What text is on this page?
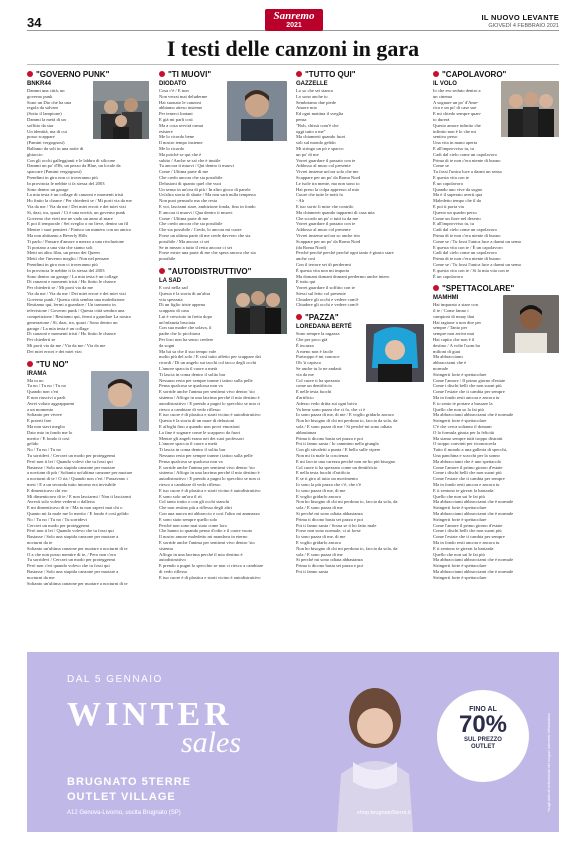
34	Sanremo
2021
IL NUOVO LEVANTE
GIOVEDÌ 4 FEBBRAIO 2021
I testi delle canzoni in gara
"GOVERNO PUNK"
BNKR44
Dammi una città, un
governo punk
Sono un Dio che ha una
regola da salvare
(Sotto il lampione)
Dammi la metà di un
soffitto da star
Un identità, ma di cui
posso scappare
(Pamini vergognosi)
Ballamo da soli in una notte di ghiaccio
Con gli occhi galleggianti e le labbra di silicone
Dammi un po' d'Hr, un pezzo da Blue, un locale da
spaccare (Pamini vergognosi)
Prendimi in giro non ci troveranno più
In provincia le nebbie ti fa stessa del 2003
Sono dentro un garage
La mia testa è un collage di canzoni e momenti tristi
Ho finito la chance / Per chiederti se / Mi porti via da me
Via da me / Via da me / Dei miei errori e dei miei vizi
Sì, dazi, tra, quazi / Ci è una novità, un governo punk
Governo che vieti me ne vado un anno al mare
E poi il temporale / Sei sveglio o no lieve, dentro un fil
Mentre i suoi pensieri / Finisco un numero con un amico
Ma non abitiamo a Beverly Hills
Ti parlo / Passare d'amore a mezzo a una rivoluzione
Ti portano a una vita che siamo soli
Metti un altro film, un pezzo dei Queen
Metti che l'inverno meglio / Non nel pensare
Prendimi in giro non ci troveranno più
In provincia le nebbie ti fa stessa del 2003
Sono dentro un garage / La mia testa è un collage
Di canzoni e momenti tristi / Ho finito le chance
Per chiederti se / Mi porti via da me
Via da me / Via da me / Dei miei errori e dei miei vizi
Governo punk / Questa città sembra una maledizione
Restiamo qui, fermi a guardare / Un tramonto in
televisione / Governo punk / Questa città sembra una
competizione / Restiamo qui, fermi a guardare La nostra
generazione / Sì, dazi, tra, quazi / Sono dentro un
garage / La mia testa è un collage
Di canzoni e momenti tristi / Ho finito le chance
Per chiederti se
Mi porti via da me / Via da me / Via da me
Dei miei errori e dei miei vizi
"TU NO"
IRAMA
Ma tu no
Tu no / Tu no / Tu no
Quando non c'eri
E non riuscivi a parli
Avrei voluto aggrapparmi
a un momento
Soltanto per vivere
E poterti fare
Ma non stavi meglio
Dato mio in fondo me lo
merito / E fondo ti così
gelido
No / Tu no / Tu no
Tu sorridevi / Cercavi un modo per proteggermi
Però non ti lei / Quando volevi che tu fossi qui
Bastasse / Solo una stupida canzone per nuotare
a novitam di più / Soltanto un'ultima canzone per nuotare
a nocturni di te / O ria / Quando non c'eri / Passavano i
mesi / E a un seconda tutto intorno era invisibile
E dimenticavo chi ero
Mi dimenticavo di te / E non lasciarmi / Non ti lasciarmi
Avresti solo volete vederni o dalleria
E mi dimenticavo di te / Ma tu non sapevi mai chi o
Quanto mi fa male me lo merito / E fondo è così gelido
No / Tu no / Tu no / Tu sorridevi
Cercavi un modo per proteggermi
Però non ti lei / Quando volevo che tu fossi qui
Bastasse / Solo una stupida canzone per nuotare a
nocturni da te
Soltanto un'ultima canzone per nuotare a nocturni di te
O a che non posso mentire di te, / Pero non c'era
Tu sorridevi / Cercavi un modo per proteggermi
Però non c'eri quando volevo che tu fossi qui
Bastasse / Solo una stupida canzone per nuotare a
nocturni da me
Soltanto un'ultima canzone per nuotare a nocturni di te
"TI MUOVI"
DIODATO
Cosa c'è / E non
Non verrai mai deluderme
Hai suonato le canzoni
abbiamo atteso insieme
Per tenerci lontani
E già mi parli così
Ma a cosa servirà ormai
esistere
Me lo ricordo bene
Il nostro tempo insieme
Me lo ricordo
Ma poiché se qui che è
subito / Anche se sai che è inutile
Tu ancora ti muovi / Qui dentro ti muovi
Come / Ultima parte di me
Che credo ancora che sia possibile
Delusioni di quanto quel che vuoi
Un senso in un'ora di più / In altro gioco di parole
Un'altra storia di sbatte / Ma non sarà nulla tempesta
Non puoi pensarlo ma che resta
E voi, lasciami stare, ambizione fonda, fino in fondo
E ancora ti muovi / Qua dentro ti muovi
Come / Ultima parte di me
Che credo ancora che sia possibile
Che sia possibile / Credo, lo ancora mi cuore
Forse un ultima parte di me crede davvero che sia
possibile / Ma ancora ci sei
Se in mezzo a tutto il resto ancora ci sei
Forse esiste una parte di me che spera ancora che sia
possibile
"AUTODISTRUTTIVO"
LA SAD
E così nella sad
Questa è la storia di un'altra
vita spezzata
Di un figlio triste appena
scappato di casa
Lui è cresciuto in fretta dopo
un'infanzia bruciata
Con sua madre che urlava, il
padre che lo picchiava
Per loro non ha senso credere
da sogni
Ma lui sa che il suo tempo vale
molto più del solo / E così tutto affetto per scappare dai
ricordi / Di un angelo sui tacchi col tacco degli occhi
L'amore spaccia il cuore a metà
Ti lascia in coma dentro il solito bar
Nessuno resta per sempre tranne i tattoo sulla pelle
Pensa qualcosa se qualcosa non va
E sorride anche l'anima per sentirmi vivo dentro 'sto
sistema / Affogo in una lacrima perché il mio destino è
autodistruttivo / E prendo a pugni lo specchio se non ci
riesco a cambiare di vedo riflesso
E tuo cuore è di plastica e starti vicino è autodistruttivo
Questa è la storia di un mare di delusioni
E affoghi fino a quando non provi emozioni
La fine è sognare come le scappavo da fuori
Mentre gli angeli erano nei dei suoi professori
L'amore spaccia il cuore a metà
Ti lascia in coma dentro il solito bar
Nessuno resta per sempre tranne i tattoo sulla pelle
Pensa qualcosa se qualcosa non va
E sorride anche l'anima per sentirmi vivo dentro 'sto
sistema / Affogo in una lacrima perché il mio destino è
autodistruttivo / E prendo a pugni lo specchio se non ci
riesco a cambiare di vedo riflesso
E tuo cuore è di plastica e starti vicino è autodistruttivo
E sono solo un'ora il rit
Col tanto tratto o con gli occhi stanchi
Che non restino più a riflesso degli altri
Con una nuova mi abbraccio e così l'altro mi ammazzo
E sono stato sempre quello solo
Perché non sono mai stato come loro
Che hanno io quando penso d'odio e il cuore vuoto
Il nostro amore maledetto mi mandava in eterno
E sorride anche l'anima per sentirmi vivo dentro 'sto
sistema
Affogo in una lacrima perché il mio destino è
autodistruttivo
E prendo a pugni lo specchio se non ci riesco a cambiare
di vedo riflesso
E tuo cuore è di plastica e starti vicino è autodistruttivo
"TUTTO QUI"
GAZZELLE
Lo so che sei stanca
Lo sono anche io
Sembriamo due piede
Amore mio
Ed ogni mattina il sveglia
pensa
"Boh, chissà com'è che
oggi tutto a me"
Ma chiamerti quando fuori
soli sul mondo gelido
Mi stringo un pò e spacco
un po' di me
Vorrei guardare il passato con te
Addosso al muro col presente
Vivrei insieme un'ora solo che me
Scappare per un po' da Roma Nord
Le isole tra mente, ma non sono io
Hai preso la colpa appresso al mio
Cuore che tutte le notti fa
- Ah
E tuo sorrir li mise che contrilo
Ma chiamerti quando tapparmi di casa mia
Che scordo un po' o tutti tu da me
Vorrei guardare il passato con te
Addosso al muro col presente
Vivrei insieme un'ora so anche trio
Scappare per un po' da Roma Nord
(da Roma Nord)
Perché perché perché perché ogni tanto è giusto stare
anche così
Con il terrore sei di perderrmi
È questa vita non mi importa
Ma domani domani domani perdermo anche intero
E tutto qui
Vorrei guardare il soffitto con te
Stessi sul letto col presente
Chiudere gli occhi e vedere com'è
Chiudere gli occhi e vedere com'è
"PAZZA"
LOREDANA BERTÉ
Sono sempre la ragazza
Che per poco già
È incazza
A meno non è facile
Purtroppo è mi conosce
Oh 'ti capisco
Se anche tu lo ne andasti
via da me
Col cuore ti ha spezzato
come un dentifricio
E nelle testa fuochi
d'artificio
Adesso vedo dritta sui ogni brivo
Va bene sono pazza che ci fa, che ci è
Io sono pazza di me, di me / E voglio gridarlo ancora
Non ho bisogno di chi mi perdona io, faccia da sola, da
sola / E sono pazza di me / Si perché mi sono odiata
abbastanza
Prima ti dicono basta sei pazza e poi
Poi ti fanno santa / Io cammino nella giungla
Con gli stivaletti a punta / E bello sulle vipere
Non mi fa male la coscienza
E mi faccio una carezza perché non ne ho più bisogno
Col cuore ti ha spezzato come un dentifricio
E nella testa fuochi d'artificio
E se ti giro al tutto un movimento
Io sono la più pazza che c'è, che c'è
Io sono pazza di me, di me
E voglio gridarlo ancora
Non ho bisogno di chi mi perdona io, faccia da sola, da
sola / E sono pazza di me
Si perché mi sono odiata abbastanza
Prima ti dicono basta sei pazza e poi
Poi ti fanno santa / Scusa se ti ho fatto male
Forse non sono normale, ci ai forse
Io sono pazza di me, di me
E voglio gridarlo ancora
Non ho bisogno di chi mi perdona io, faccia da sola, da
sola / E sono pazza di me
Si perché mi sono odiata abbastanza
Prima ti dicono basta sei pazza e poi
Poi ti fanno santa
"CAPOLAVORO"
IL VOLO
Io che ero seduto dentro a
un cinema
A sognare un po' d'Ame-
rica e un po' di case sue
E mi chiedo sempre quan-
to durerà
Questo amore infinito che
infinito non è lo che mi
sentivo perso
Una vita in mano aperta
E all'improvviso tu, tu
Cadi dal cielo come un capolavoro
Prima di te non c'era niente di buono
Come se
Tu fossi l'unica luce a darmi un senso
E questa vita con te
È un capolavoro
Quando uno vive da sogno
Ma è il superato averti qua
Maledetto tempo che il da
E poi ti porta via
Questo un quadro perso
Come un fiore nel deserto
E all'improvviso tu, tu
Cadi dal cielo come un capolavoro
Prima di te non c'era niente di buono
Come se / Tu fossi l'unica luce a darmi un senso
E questa vita con te / È un capolavoro
Cadi dal cielo come un capolavoro
Prima di te non c'era niente di buono
Come se / Tu fossi l'unica luce a darmi un senso
E questa vita con te / Si la mia vita con te
È un capolavoro
"SPETTACOLARE"
MAMHMI
Hai imparato a stare con
il te / Come fanno i
campioni di muay thai
Hai ragione a non dire per
sempre / Tanto per
sempre non arriva mai
Hai capito che non è il
destino / A volte l'uom ha
milioni di guai
Ma abbracciami
abbracciami che è
normale
Stringerti forte è spettacolare
Come l'amore / Il primo giorno d'estate
Come i dischi belli che non suoni più
Come l'estate che ti cambia per sempre
Ma in fondo resti ancora e ancora tu
E io sento te portare a bussare la
Quello che non so la fai più
Ma abbracciami abbracciami che è normale
Stringerti forte è spettacolare
C'è che cerca soltanto il domani
O la formula giusta per la felicità
Ma siamo sempre tutti troppo distratti
O troppo convinti per riconoscerla
Tutto il mondo a una galleria di specchi,
Una panchina e scacchi per la sonno
Ma abbracciami che è uno spettacolo
Come l'amore il primo giorno d'estate
Come i dischi belli che non suoni più
Come l'estate che ti cambia per sempre
Ma in fondo resti ancora e ancora tu
E ti sentono te girerai la bastarda
Quello che non sai le fai più
Ma abbracciami abbracciami che è normale
Stringerti forte è spettacolare
Ma abbracciami abbracciami che è normale
Stringerti forte è spettacolare
Come l'amore il primo giorno d'estate
Come i dischi belli che non suoni più
Come l'estate che ti cambia per sempre
Ma in fondo resti ancora e ancora tu
E ti sentono te girerai la bastarda
Quello che non sai le fai più
Ma abbracciami abbracciami che è normale
Stringerti forte è spettacolare
Ma abbracciami abbracciami che è normale
Stringerti forte è spettacolare
DAL 5 GENNAIO
WINTER
sales
BRUGNATO 5TERRE
OUTLET VILLAGE
A12 Genova-Livorno, uscita Brugnato (SP)	shop.brugnato5terre.it
FINO AL
70%
SUL PREZZO
OUTLET	*sugli articoli selezionati nei negozi aderenti all'iniziativa
